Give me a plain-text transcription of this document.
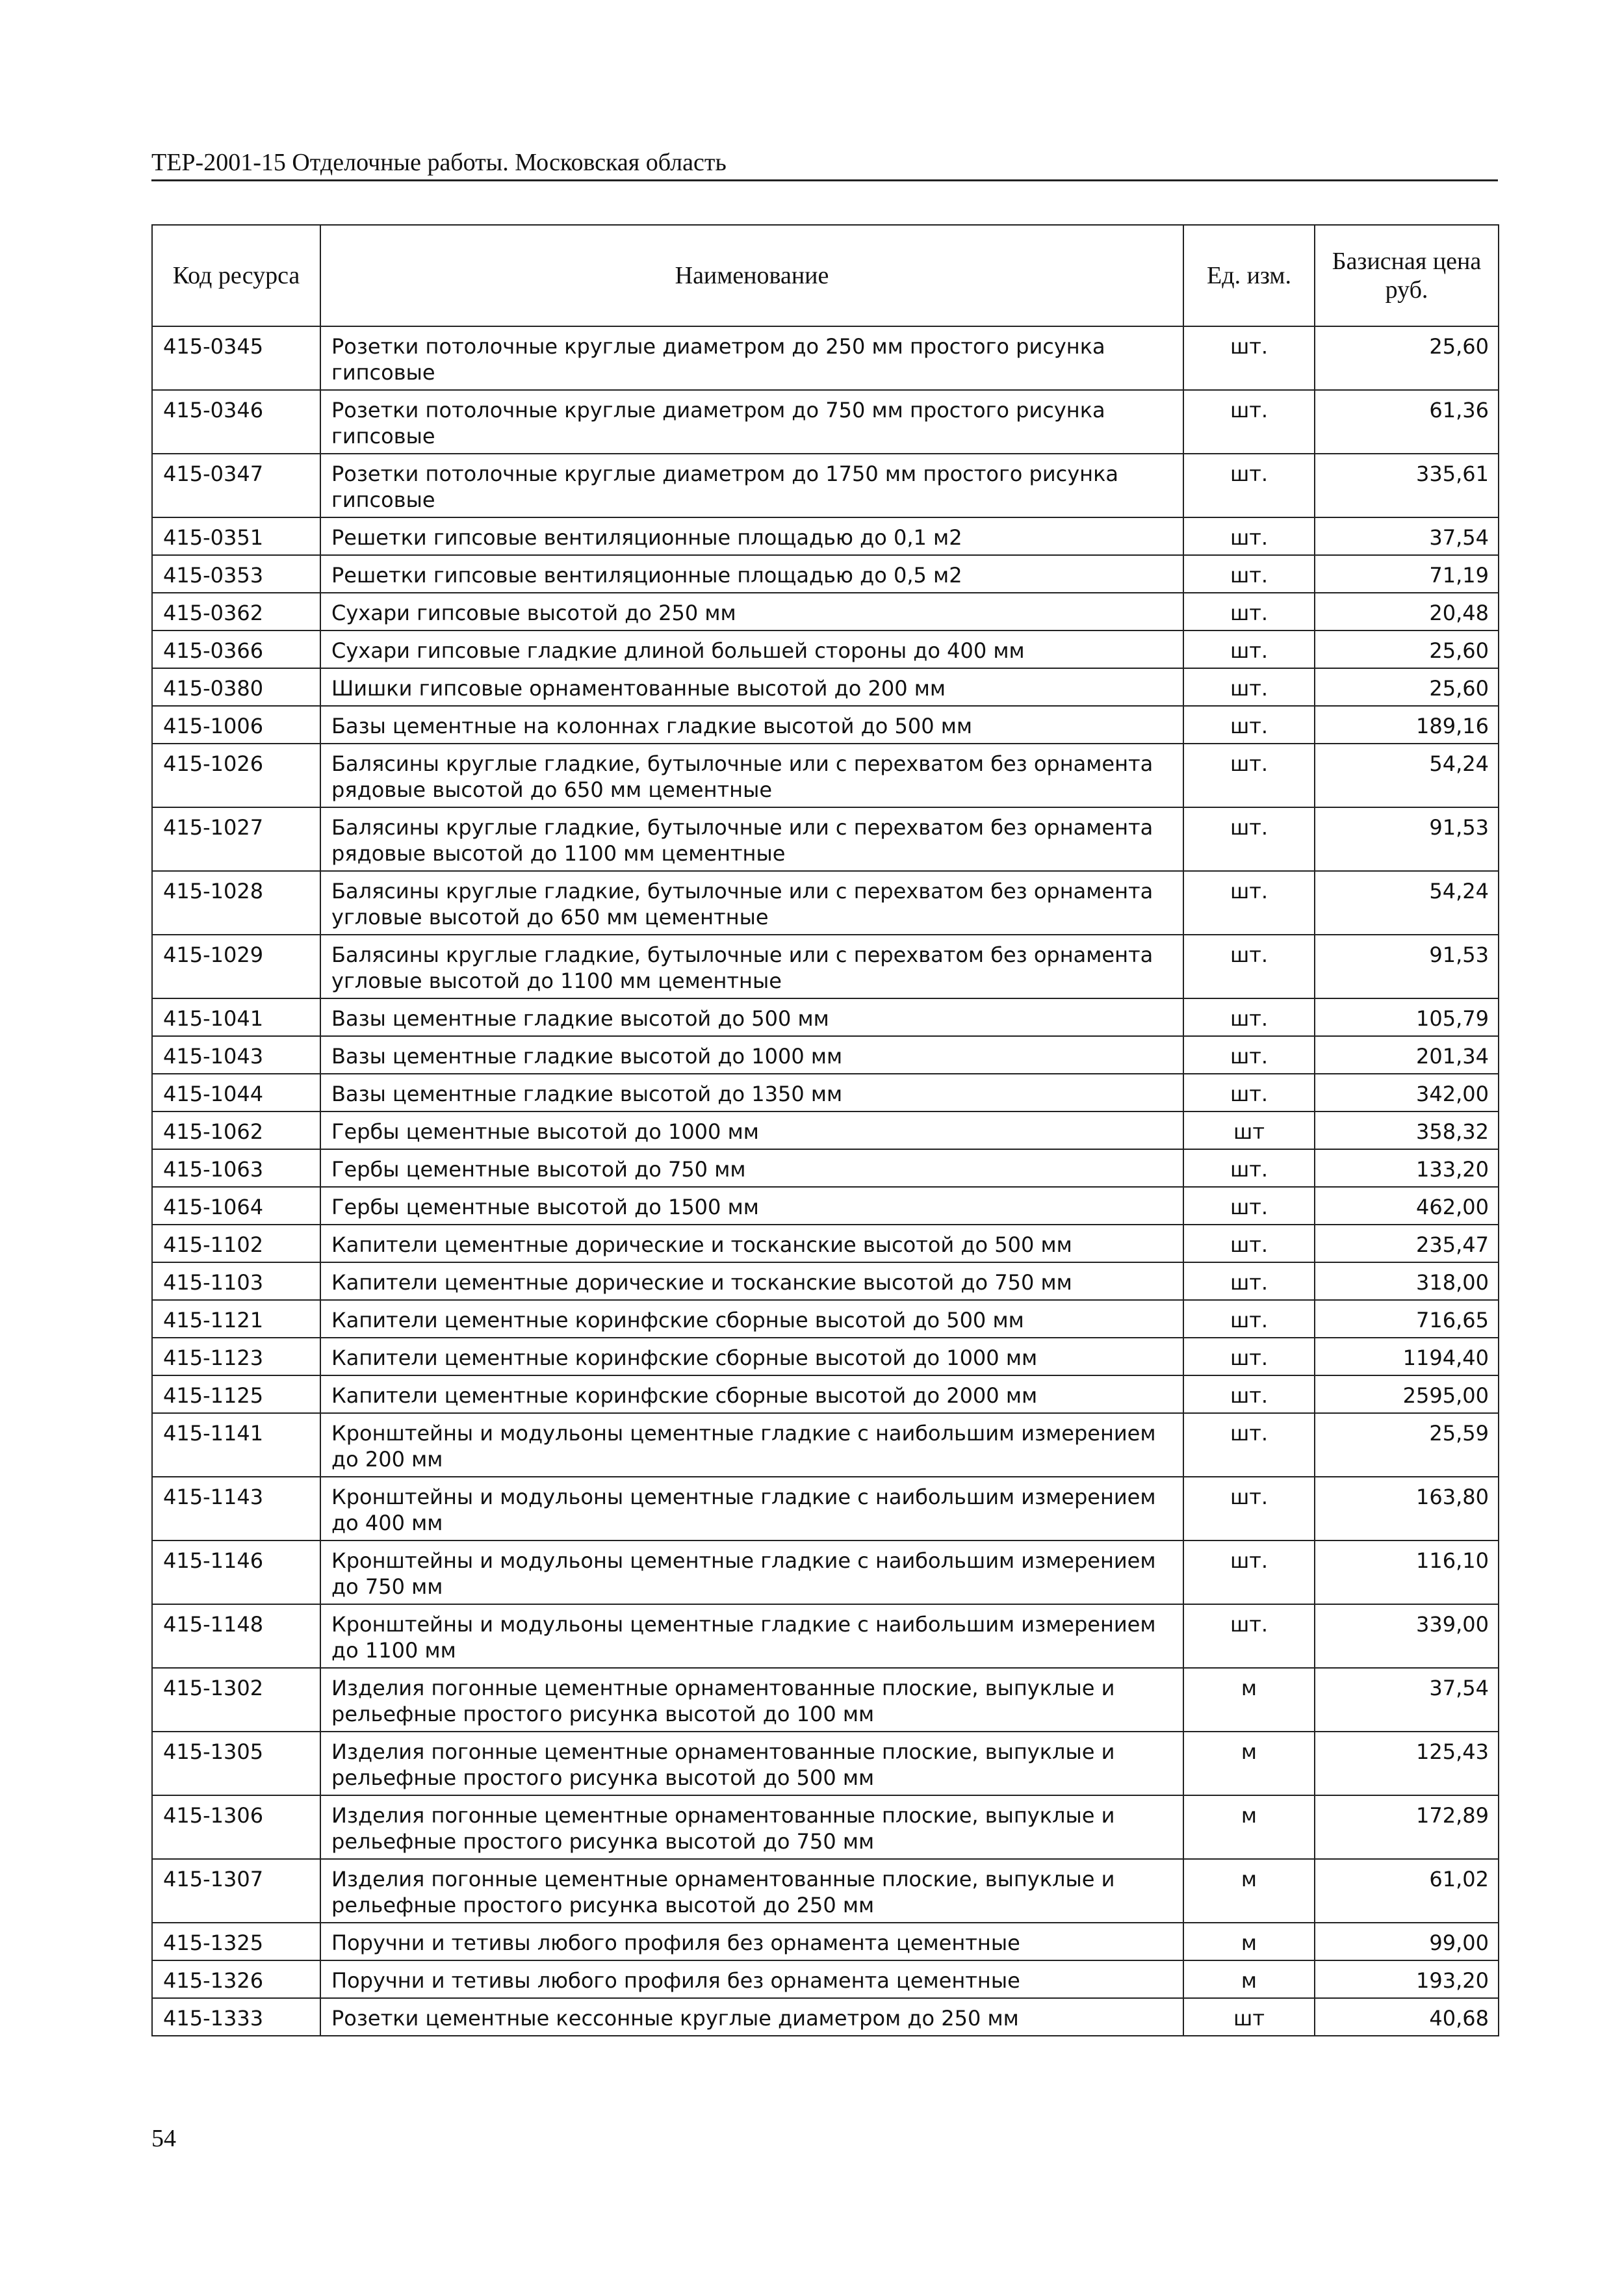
ТЕР-2001-15 Отделочные работы. Московская область
Код ресурса	Наименование	Ед. изм.	Базисная цена руб.
415-0345	Розетки потолочные круглые диаметром до 250 мм простого рисунка гипсовые	шт.	25,60
415-0346	Розетки потолочные круглые диаметром до 750 мм простого рисунка гипсовые	шт.	61,36
415-0347	Розетки потолочные круглые диаметром до 1750 мм простого рисунка гипсовые	шт.	335,61
415-0351	Решетки гипсовые вентиляционные площадью до 0,1 м2	шт.	37,54
415-0353	Решетки гипсовые вентиляционные площадью до 0,5 м2	шт.	71,19
415-0362	Сухари гипсовые высотой до 250 мм	шт.	20,48
415-0366	Сухари гипсовые гладкие длиной большей стороны до 400 мм	шт.	25,60
415-0380	Шишки гипсовые орнаментованные высотой до 200 мм	шт.	25,60
415-1006	Базы цементные на колоннах гладкие высотой до 500 мм	шт.	189,16
415-1026	Балясины круглые гладкие, бутылочные или с перехватом без орнамента рядовые высотой до 650 мм цементные	шт.	54,24
415-1027	Балясины круглые гладкие, бутылочные или с перехватом без орнамента рядовые высотой до 1100 мм цементные	шт.	91,53
415-1028	Балясины круглые гладкие, бутылочные или с перехватом без орнамента угловые высотой до 650 мм цементные	шт.	54,24
415-1029	Балясины круглые гладкие, бутылочные или с перехватом без орнамента угловые высотой до 1100 мм цементные	шт.	91,53
415-1041	Вазы цементные гладкие высотой до 500 мм	шт.	105,79
415-1043	Вазы цементные гладкие высотой до 1000 мм	шт.	201,34
415-1044	Вазы цементные гладкие высотой до 1350 мм	шт.	342,00
415-1062	Гербы цементные высотой до 1000 мм	шт	358,32
415-1063	Гербы цементные высотой до 750 мм	шт.	133,20
415-1064	Гербы цементные высотой до 1500 мм	шт.	462,00
415-1102	Капители цементные дорические и тосканские высотой до 500 мм	шт.	235,47
415-1103	Капители цементные дорические и тосканские высотой до 750 мм	шт.	318,00
415-1121	Капители цементные коринфские сборные высотой до 500 мм	шт.	716,65
415-1123	Капители цементные коринфские сборные высотой до 1000 мм	шт.	1194,40
415-1125	Капители цементные коринфские сборные высотой до 2000 мм	шт.	2595,00
415-1141	Кронштейны и модульоны цементные гладкие с наибольшим измерением до 200 мм	шт.	25,59
415-1143	Кронштейны и модульоны цементные гладкие с наибольшим измерением до 400 мм	шт.	163,80
415-1146	Кронштейны и модульоны цементные гладкие с наибольшим измерением до 750 мм	шт.	116,10
415-1148	Кронштейны и модульоны цементные гладкие с наибольшим измерением до 1100 мм	шт.	339,00
415-1302	Изделия погонные цементные орнаментованные плоские, выпуклые и рельефные простого рисунка высотой до 100 мм	м	37,54
415-1305	Изделия погонные цементные орнаментованные плоские, выпуклые и рельефные простого рисунка высотой до 500 мм	м	125,43
415-1306	Изделия погонные цементные орнаментованные плоские, выпуклые и рельефные простого рисунка высотой до 750 мм	м	172,89
415-1307	Изделия погонные цементные орнаментованные плоские, выпуклые и рельефные простого рисунка высотой до 250 мм	м	61,02
415-1325	Поручни и тетивы любого профиля без орнамента цементные	м	99,00
415-1326	Поручни и тетивы любого профиля без орнамента цементные	м	193,20
415-1333	Розетки цементные кессонные круглые диаметром до 250 мм	шт	40,68
54
